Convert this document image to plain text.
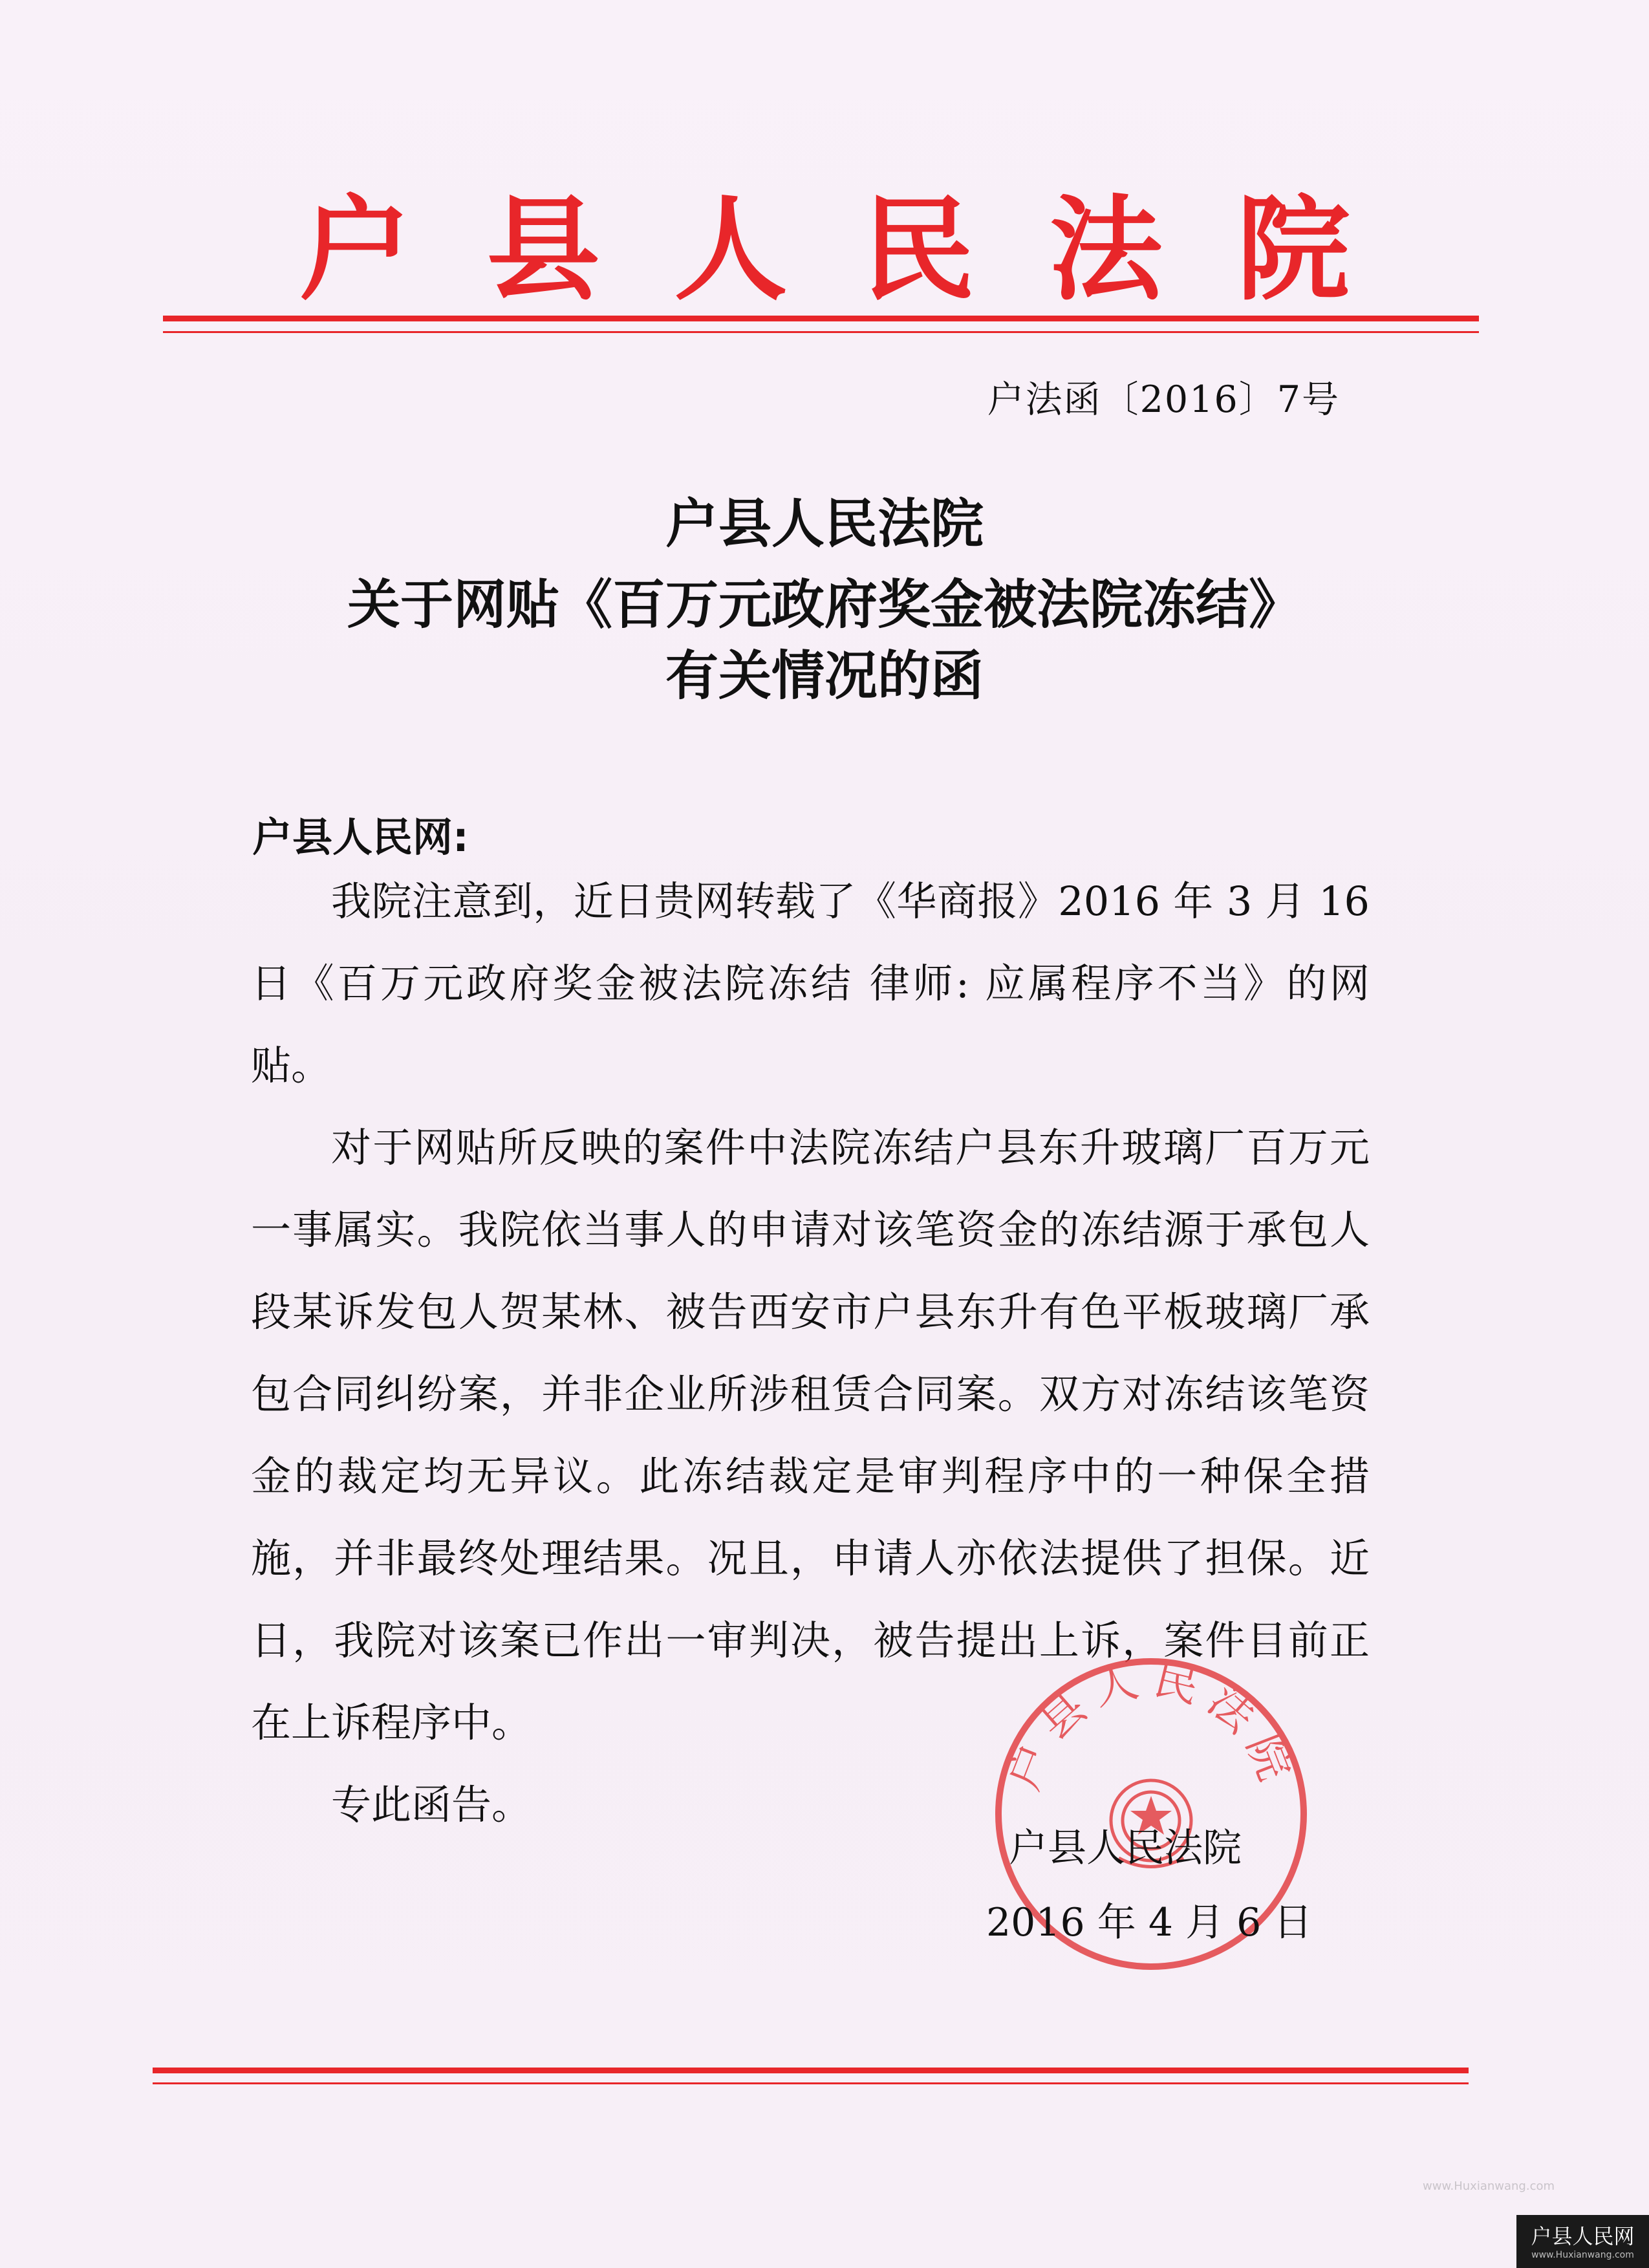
户县人民法院
户法函〔2016〕7号
户县人民法院
关于网贴《百万元政府奖金被法院冻结》
有关情况的函
户县人民网:

我院注意到，近日贵网转载了《华商报》2016 年 3 月 16 日《百万元政府奖金被法院冻结 律师: 应属程序不当》的网贴。

对于网贴所反映的案件中法院冻结户县东升玻璃厂百万元一事属实。我院依当事人的申请对该笔资金的冻结源于承包人段某诉发包人贺某林、被告西安市户县东升有色平板玻璃厂承包合同纠纷案，并非企业所涉租赁合同案。双方对冻结该笔资金的裁定均无异议。此冻结裁定是审判程序中的一种保全措施，并非最终处理结果。况且，申请人亦依法提供了担保。近日，我院对该案已作出一审判决，被告提出上诉，案件目前正在上诉程序中。

专此函告。

户县人民法院
户县人民法院
2016 年 4 月 6 日
www.Huxianwang.com
户县人民网
www.Huxianwang.com
